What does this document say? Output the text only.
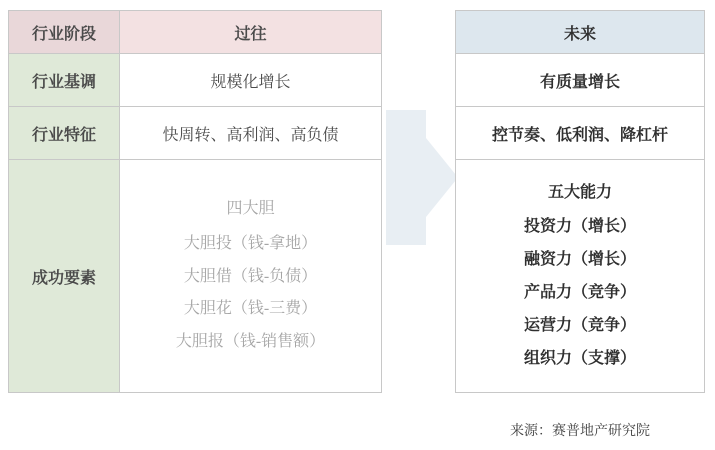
行业阶段	过往
行业基调	规模化增长
行业特征	快周转、高利润、高负债
成功要素	四大胆
大胆投（钱-拿地）
大胆借（钱-负债）
大胆花（钱-三费）
大胆报（钱-销售额）
未来
有质量增长
控节奏、低利润、降杠杆

五大能力
投资力（增长）
融资力（增长）
产品力（竞争）
运营力（竞争）
组织力（支撑）
来源：赛普地产研究院
